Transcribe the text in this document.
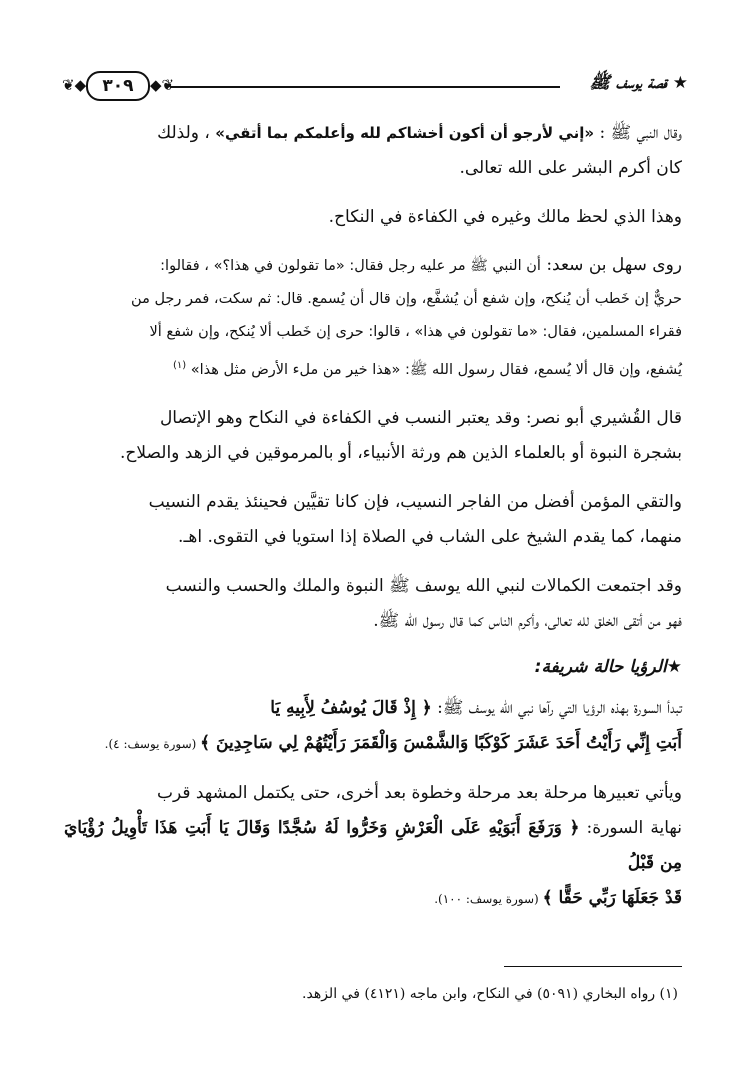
★ قصة يوسف ﷺ
◆❦ ٣٠٩	❦◆
وقال النبي ﷺ : «إني لأرجو أن أكون أخشاكم لله وأعلمكم بما أتقي» ، ولذلك
كان أكرم البشر على الله تعالى.
وهذا الذي لحظ مالك وغيره في الكفاءة في النكاح.
روى سهل بن سعد: أن النبي ﷺ مر عليه رجل فقال: «ما تقولون في هذا؟» ، فقالوا:
حريٌّ إن خَطب أن يُنكح، وإن شفع أن يُشفَّع، وإن قال أن يُسمع. قال: ثم سكت، فمر رجل من
فقراء المسلمين، فقال: «ما تقولون في هذا» ، قالوا: حرى إن خَطب ألا يُنكح، وإن شفع ألا
يُشفع، وإن قال ألا يُسمع، فقال رسول الله ﷺ: «هذا خير من ملء الأرض مثل هذا» $^{(١)}$
قال القُشيري أبو نصر: وقد يعتبر النسب في الكفاءة في النكاح وهو الإتصال
بشجرة النبوة أو بالعلماء الذين هم ورثة الأنبياء، أو بالمرموقين في الزهد والصلاح.
والتقي المؤمن أفضل من الفاجر النسيب، فإن كانا تقيَّين فحينئذ يقدم النسيب
منهما، كما يقدم الشيخ على الشاب في الصلاة إذا استويا في التقوى. اهـ.
وقد اجتمعت الكمالات لنبي الله يوسف ﷺ النبوة والملك والحسب والنسب
فهو من أتقى الخلق لله تعالى، وأكرم الناس كما قال رسول الله ﷺ.
★الرؤيا حالة شريفة:
تبدأ السورة بهذه الرؤيا التي رآها نبي الله يوسف ﷺ: ﴿ إِذْ قَالَ يُوسُفُ لِأَبِيهِ يَا
أَبَتِ إِنِّي رَأَيْتُ أَحَدَ عَشَرَ كَوْكَبًا وَالشَّمْسَ وَالْقَمَرَ رَأَيْتُهُمْ لِي سَاجِدِينَ ﴾ (سورة يوسف: ٤).
ويأتي تعبيرها مرحلة بعد مرحلة وخطوة بعد أخرى، حتى يكتمل المشهد قرب
نهاية السورة: ﴿ وَرَفَعَ أَبَوَيْهِ عَلَى الْعَرْشِ وَخَرُّوا لَهُ سُجَّدًا وَقَالَ يَا أَبَتِ هَذَا تَأْوِيلُ رُؤْيَايَ مِن قَبْلُ
قَدْ جَعَلَهَا رَبِّي حَقًّا ﴾ (سورة يوسف: ١٠٠).
(١) رواه البخاري (٥٠٩١) في النكاح، وابن ماجه (٤١٢١) في الزهد.
